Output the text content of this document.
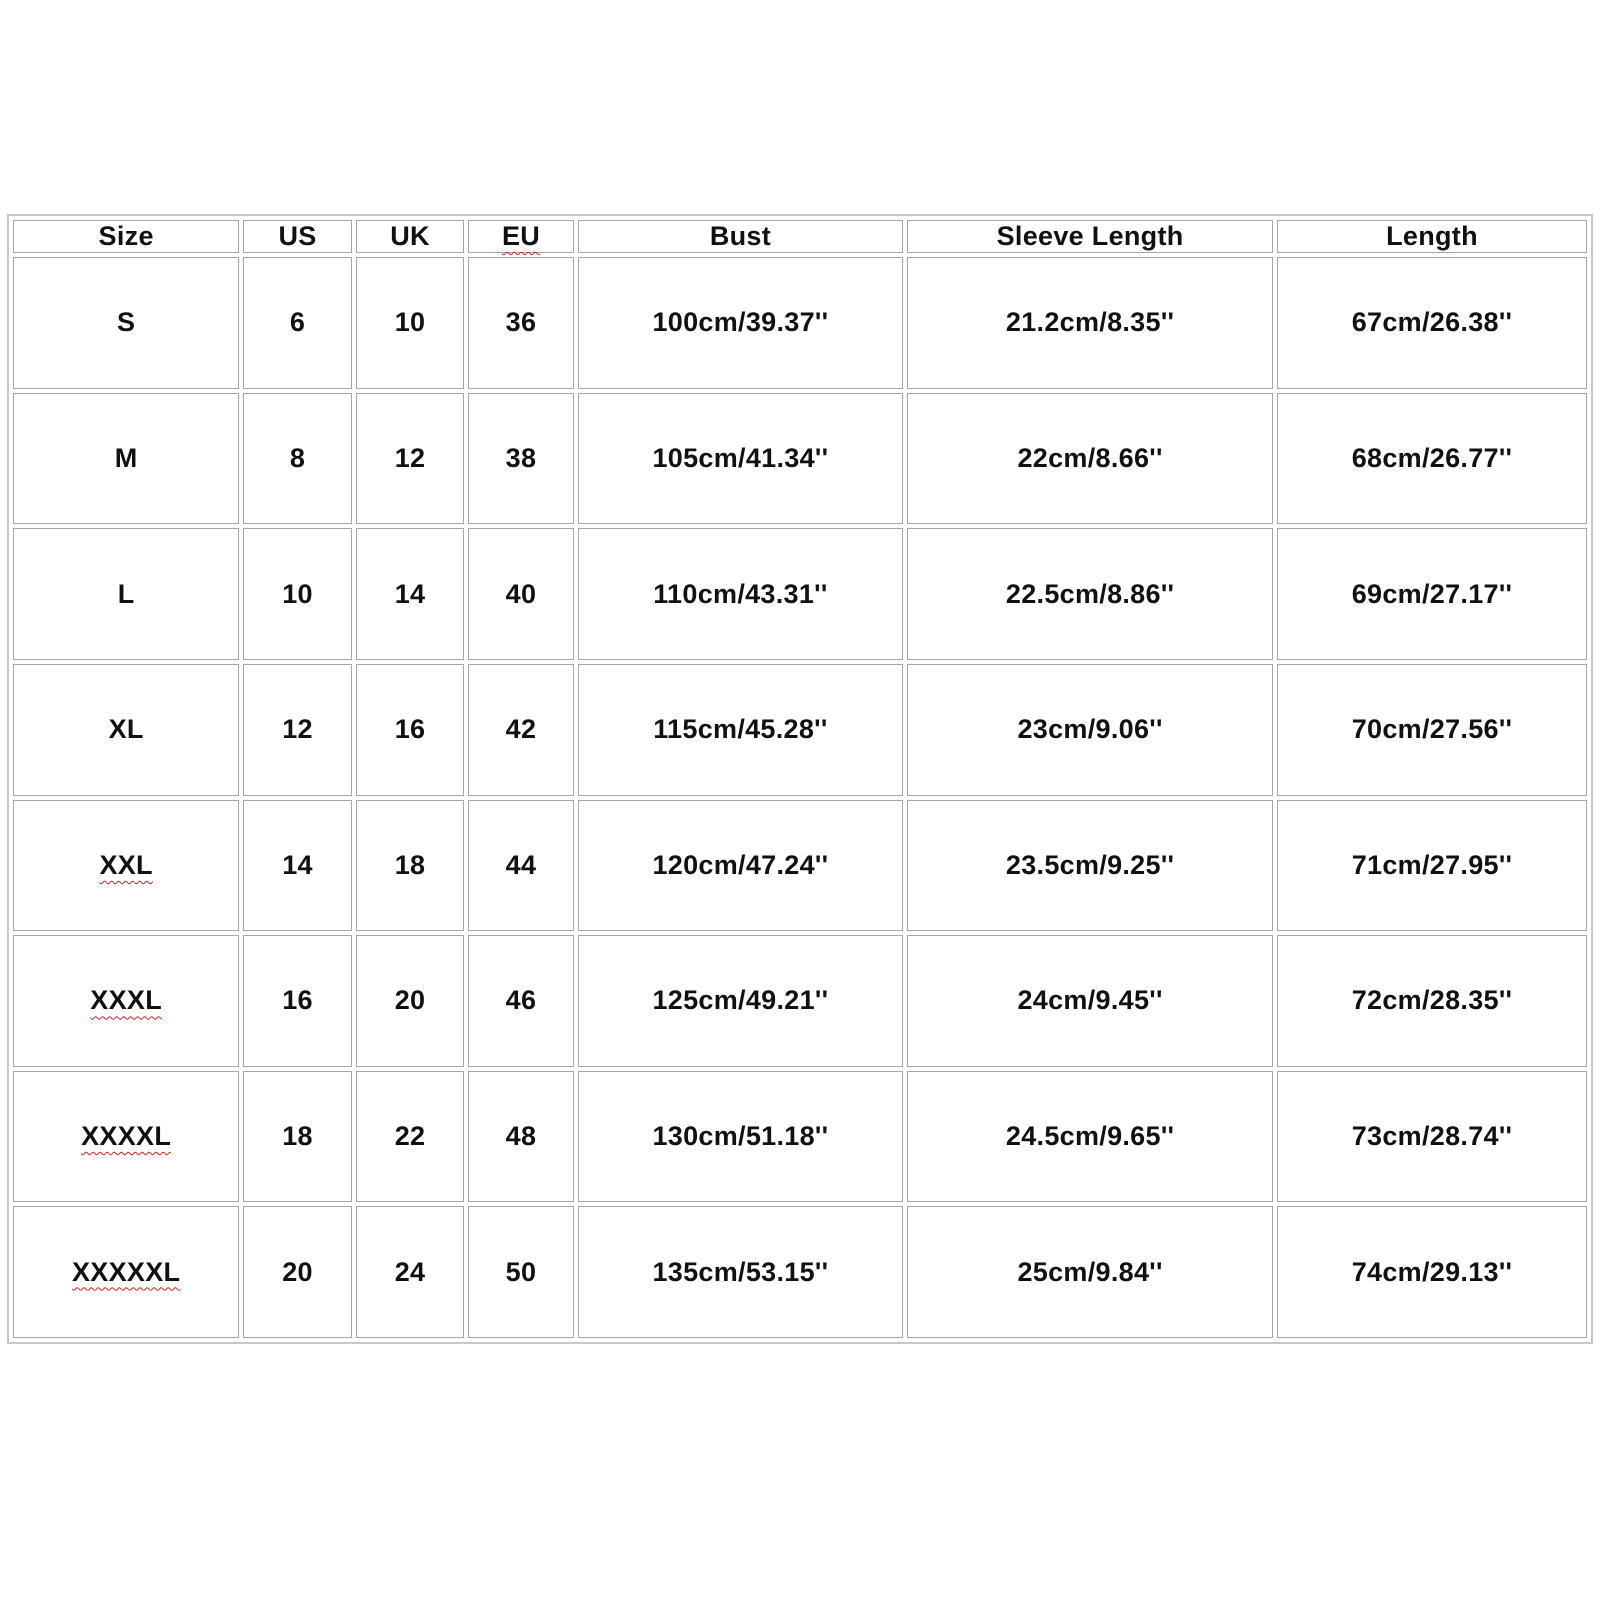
Size	US	UK	EU	Bust	Sleeve Length	Length
S	6	10	36	100cm/39.37''	21.2cm/8.35''	67cm/26.38''
M	8	12	38	105cm/41.34''	22cm/8.66''	68cm/26.77''
L	10	14	40	110cm/43.31''	22.5cm/8.86''	69cm/27.17''
XL	12	16	42	115cm/45.28''	23cm/9.06''	70cm/27.56''
XXL	14	18	44	120cm/47.24''	23.5cm/9.25''	71cm/27.95''
XXXL	16	20	46	125cm/49.21''	24cm/9.45''	72cm/28.35''
XXXXL	18	22	48	130cm/51.18''	24.5cm/9.65''	73cm/28.74''
XXXXXL	20	24	50	135cm/53.15''	25cm/9.84''	74cm/29.13''
